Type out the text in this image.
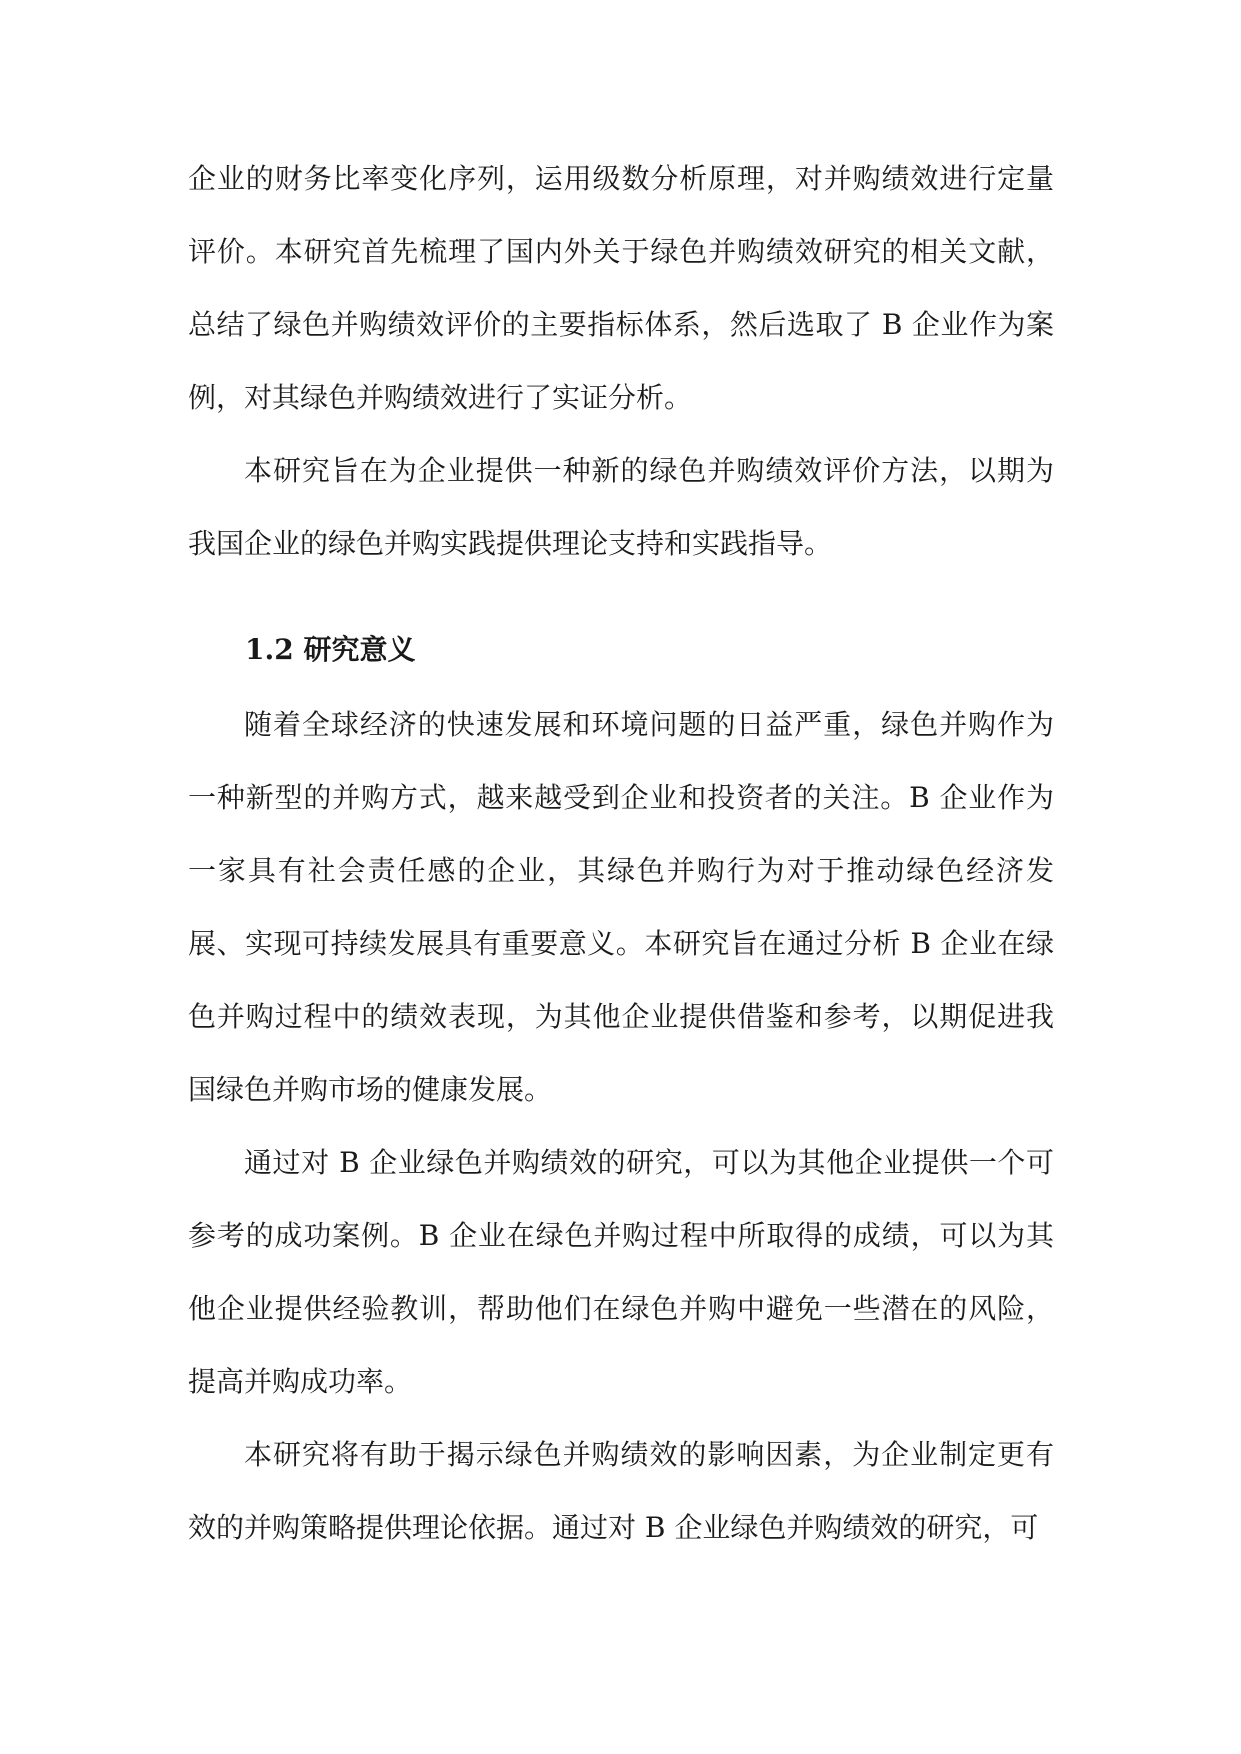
企业的财务比率变化序列，运用级数分析原理，对并购绩效进行定量评价。本研究首先梳理了国内外关于绿色并购绩效研究的相关文献，总结了绿色并购绩效评价的主要指标体系，然后选取了 B 企业作为案例，对其绿色并购绩效进行了实证分析。

本研究旨在为企业提供一种新的绿色并购绩效评价方法，以期为我国企业的绿色并购实践提供理论支持和实践指导。

1.2 研究意义

随着全球经济的快速发展和环境问题的日益严重，绿色并购作为一种新型的并购方式，越来越受到企业和投资者的关注。B 企业作为一家具有社会责任感的企业，其绿色并购行为对于推动绿色经济发展、实现可持续发展具有重要意义。本研究旨在通过分析 B 企业在绿色并购过程中的绩效表现，为其他企业提供借鉴和参考，以期促进我国绿色并购市场的健康发展。

通过对 B 企业绿色并购绩效的研究，可以为其他企业提供一个可参考的成功案例。B 企业在绿色并购过程中所取得的成绩，可以为其他企业提供经验教训，帮助他们在绿色并购中避免一些潜在的风险，提高并购成功率。

本研究将有助于揭示绿色并购绩效的影响因素，为企业制定更有效的并购策略提供理论依据。通过对 B 企业绿色并购绩效的研究，可
